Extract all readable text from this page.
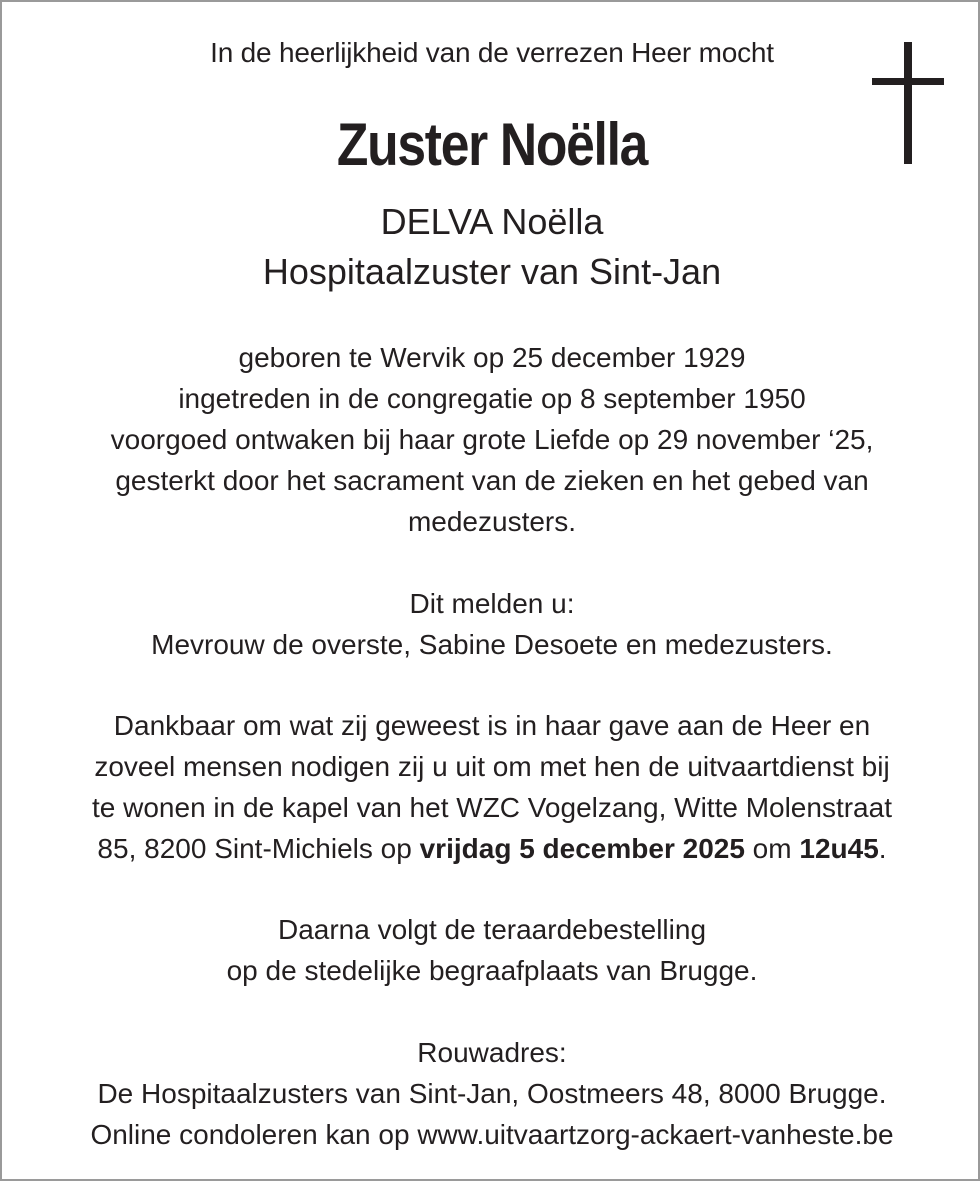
In de heerlijkheid van de verrezen Heer mocht
Zuster Noëlla
DELVA Noëlla
Hospitaalzuster van Sint-Jan
geboren te Wervik op 25 december 1929
ingetreden in de congregatie op 8 september 1950
voorgoed ontwaken bij haar grote Liefde op 29 november ‘25,
gesterkt door het sacrament van de zieken en het gebed van
medezusters.
Dit melden u:
Mevrouw de overste, Sabine Desoete en medezusters.
Dankbaar om wat zij geweest is in haar gave aan de Heer en
zoveel mensen nodigen zij u uit om met hen de uitvaartdienst bij
te wonen in de kapel van het WZC Vogelzang, Witte Molenstraat
85, 8200 Sint-Michiels op vrijdag 5 december 2025 om 12u45.
Daarna volgt de teraardebestelling
op de stedelijke begraafplaats van Brugge.
Rouwadres:
De Hospitaalzusters van Sint-Jan, Oostmeers 48, 8000 Brugge.
Online condoleren kan op www.uitvaartzorg-ackaert-vanheste.be
